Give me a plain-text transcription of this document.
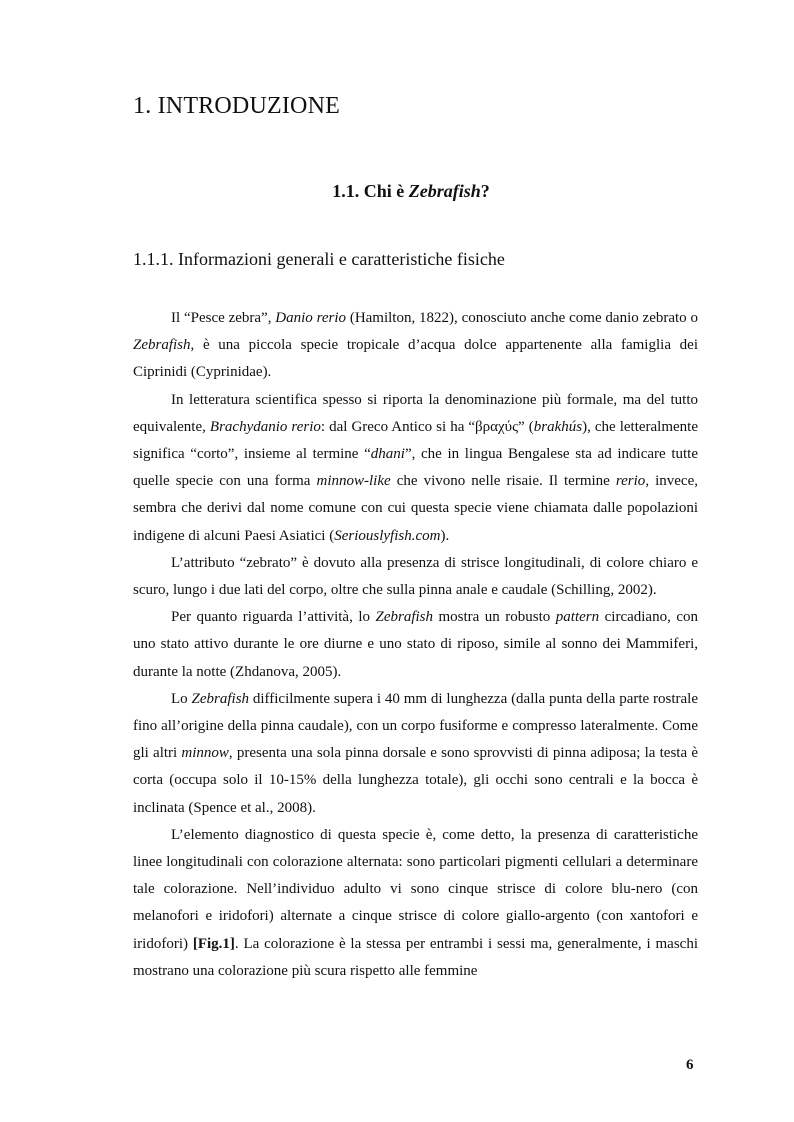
1. INTRODUZIONE
1.1. Chi è Zebrafish?
1.1.1. Informazioni generali e caratteristiche fisiche

Il “Pesce zebra”, Danio rerio (Hamilton, 1822), conosciuto anche come danio zebrato o Zebrafish, è una piccola specie tropicale d’acqua dolce appartenente alla famiglia dei Ciprinidi (Cyprinidae).

In letteratura scientifica spesso si riporta la denominazione più formale, ma del tutto equivalente, Brachydanio rerio: dal Greco Antico si ha “βραχύς” (brakhús), che letteralmente significa “corto”, insieme al termine “dhani”, che in lingua Bengalese sta ad indicare tutte quelle specie con una forma minnow-like che vivono nelle risaie. Il termine rerio, invece, sembra che derivi dal nome comune con cui questa specie viene chiamata dalle popolazioni indigene di alcuni Paesi Asiatici (Seriouslyfish.com).

L’attributo “zebrato” è dovuto alla presenza di strisce longitudinali, di colore chiaro e scuro, lungo i due lati del corpo, oltre che sulla pinna anale e caudale (Schilling, 2002).

Per quanto riguarda l’attività, lo Zebrafish mostra un robusto pattern circadiano, con uno stato attivo durante le ore diurne e uno stato di riposo, simile al sonno dei Mammiferi, durante la notte (Zhdanova, 2005).

Lo Zebrafish difficilmente supera i 40 mm di lunghezza (dalla punta della parte rostrale fino all’origine della pinna caudale), con un corpo fusiforme e compresso lateralmente. Come gli altri minnow, presenta una sola pinna dorsale e sono sprovvisti di pinna adiposa; la testa è corta (occupa solo il 10-15% della lunghezza totale), gli occhi sono centrali e la bocca è inclinata (Spence et al., 2008).

L’elemento diagnostico di questa specie è, come detto, la presenza di caratteristiche linee longitudinali con colorazione alternata: sono particolari pigmenti cellulari a determinare tale colorazione. Nell’individuo adulto vi sono cinque strisce di colore blu-nero (con melanofori e iridofori) alternate a cinque strisce di colore giallo-argento (con xantofori e iridofori) [Fig.1]. La colorazione è la stessa per entrambi i sessi ma, generalmente, i maschi mostrano una colorazione più scura rispetto alle femmine

6
